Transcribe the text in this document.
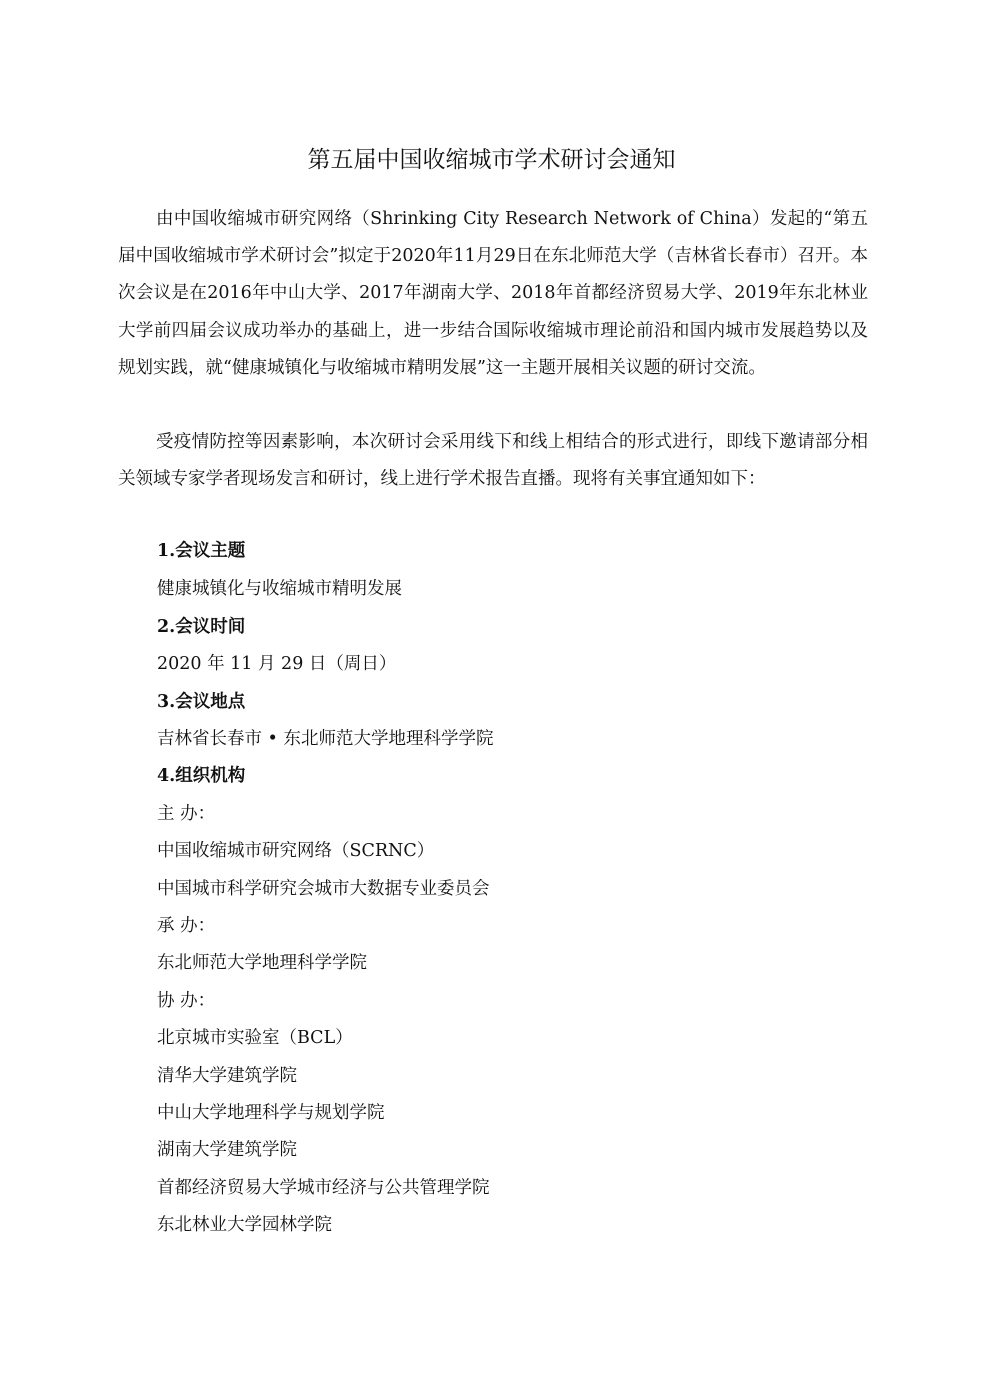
第五届中国收缩城市学术研讨会通知
由中国收缩城市研究网络（Shrinking City Research Network of China）发起的“第五届中国收缩城市学术研讨会”拟定于2020年11月29日在东北师范大学（吉林省长春市）召开。本次会议是在2016年中山大学、2017年湖南大学、2018年首都经济贸易大学、2019年东北林业大学前四届会议成功举办的基础上，进一步结合国际收缩城市理论前沿和国内城市发展趋势以及规划实践，就“健康城镇化与收缩城市精明发展”这一主题开展相关议题的研讨交流。
受疫情防控等因素影响，本次研讨会采用线下和线上相结合的形式进行，即线下邀请部分相关领域专家学者现场发言和研讨，线上进行学术报告直播。现将有关事宜通知如下：
1.会议主题
健康城镇化与收缩城市精明发展
2.会议时间
2020 年 11 月 29 日（周日）
3.会议地点
吉林省长春市 • 东北师范大学地理科学学院
4.组织机构
主 办：
中国收缩城市研究网络（SCRNC）
中国城市科学研究会城市大数据专业委员会
承 办：
东北师范大学地理科学学院
协 办：
北京城市实验室（BCL）
清华大学建筑学院
中山大学地理科学与规划学院
湖南大学建筑学院
首都经济贸易大学城市经济与公共管理学院
东北林业大学园林学院
